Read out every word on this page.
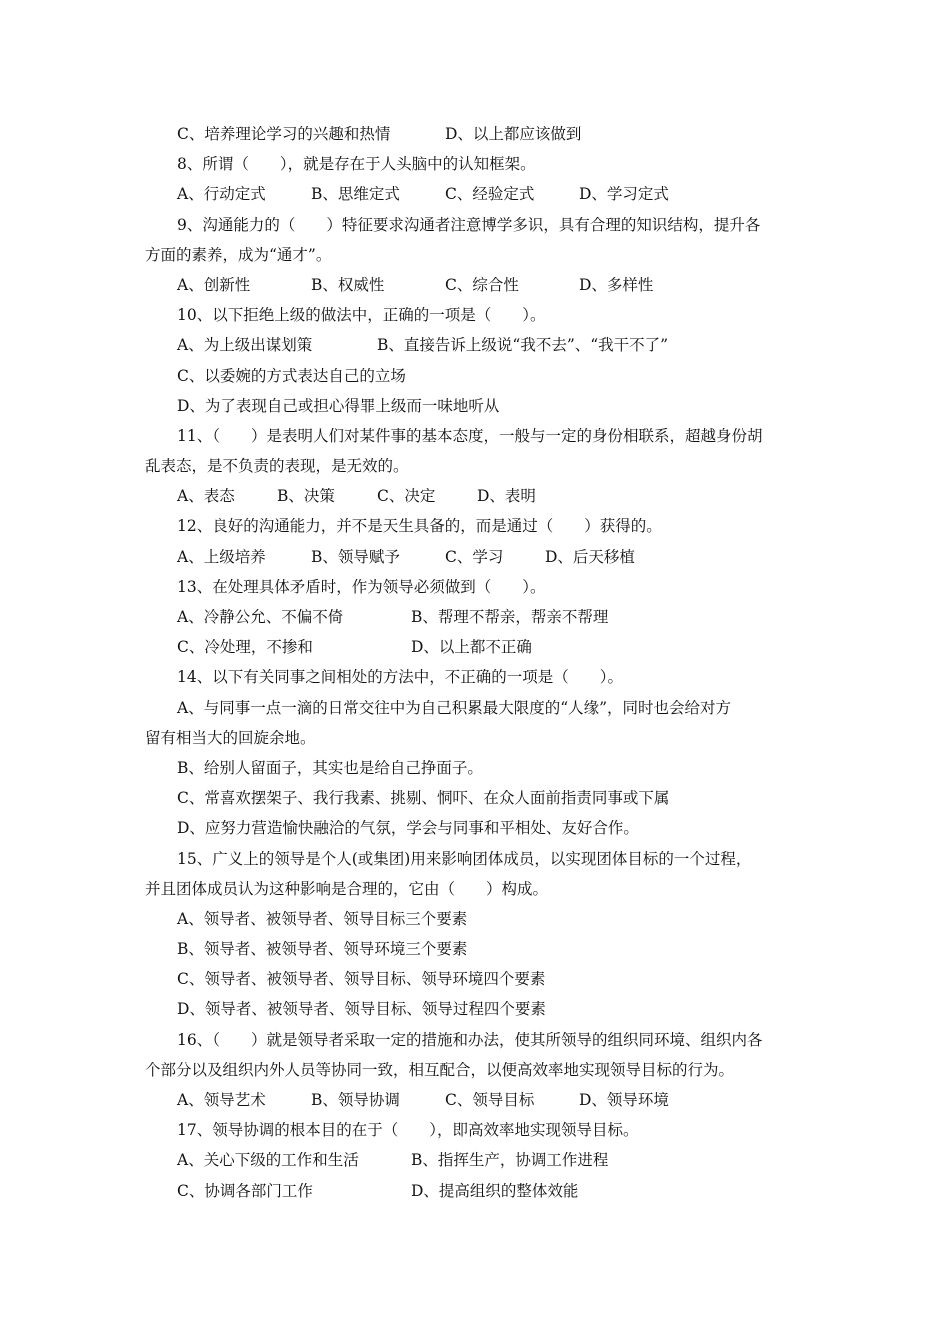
C、培养理论学习的兴趣和热情	D、以上都应该做到
8、所谓（　　），就是存在于人头脑中的认知框架。
A、行动定式	B、思维定式	C、经验定式	D、学习定式
9、沟通能力的（　　）特征要求沟通者注意博学多识，具有合理的知识结构，提升各
方面的素养，成为“通才”。
A、创新性	B、权威性	C、综合性	D、多样性
10、以下拒绝上级的做法中，正确的一项是（　　）。
A、为上级出谋划策	B、直接告诉上级说“我不去”、“我干不了”
C、以委婉的方式表达自己的立场
D、为了表现自己或担心得罪上级而一味地听从
11、（　　）是表明人们对某件事的基本态度，一般与一定的身份相联系，超越身份胡
乱表态，是不负责的表现，是无效的。
A、表态	B、决策	C、决定	D、表明
12、良好的沟通能力，并不是天生具备的，而是通过（　　）获得的。
A、上级培养	B、领导赋予	C、学习	D、后天移植
13、在处理具体矛盾时，作为领导必须做到（　　）。
A、冷静公允、不偏不倚	B、帮理不帮亲，帮亲不帮理
C、冷处理，不掺和	D、以上都不正确
14、以下有关同事之间相处的方法中，不正确的一项是（　　）。
A、与同事一点一滴的日常交往中为自己积累最大限度的“人缘”，同时也会给对方
留有相当大的回旋余地。
B、给别人留面子，其实也是给自己挣面子。
C、常喜欢摆架子、我行我素、挑剔、恫吓、在众人面前指责同事或下属
D、应努力营造愉快融洽的气氛，学会与同事和平相处、友好合作。
15、广义上的领导是个人(或集团)用来影响团体成员，以实现团体目标的一个过程，
并且团体成员认为这种影响是合理的，它由（　　）构成。
A、领导者、被领导者、领导目标三个要素
B、领导者、被领导者、领导环境三个要素
C、领导者、被领导者、领导目标、领导环境四个要素
D、领导者、被领导者、领导目标、领导过程四个要素
16、（　　）就是领导者采取一定的措施和办法，使其所领导的组织同环境、组织内各
个部分以及组织内外人员等协同一致，相互配合，以便高效率地实现领导目标的行为。
A、领导艺术	B、领导协调	C、领导目标	D、领导环境
17、领导协调的根本目的在于（　　），即高效率地实现领导目标。
A、关心下级的工作和生活	B、指挥生产，协调工作进程
C、协调各部门工作	D、提高组织的整体效能
